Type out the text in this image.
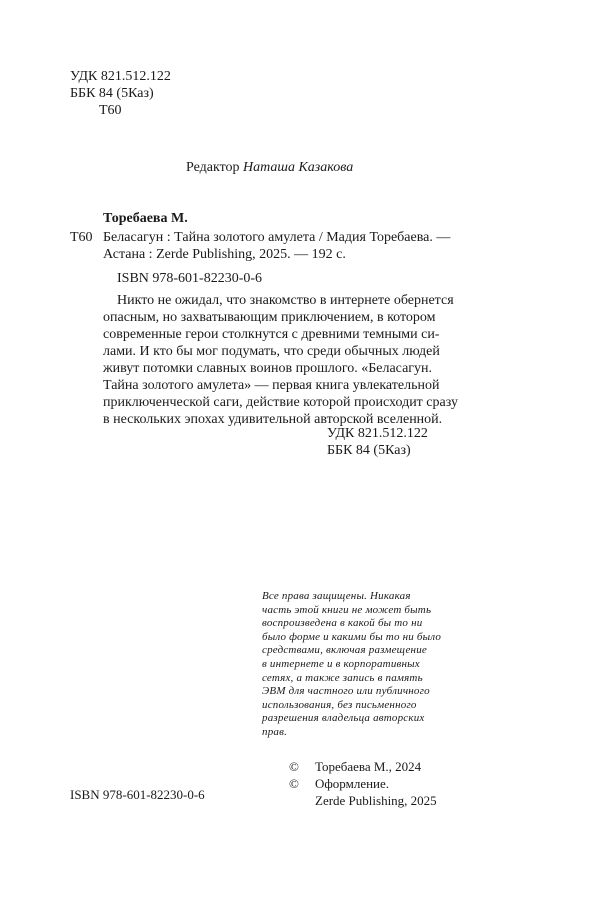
УДК 821.512.122
ББК 84 (5Каз)
Т60
Редактор Наташа Казакова
Торебаева М.
Т60 Беласагун : Тайна золотого амулета / Мадия Торебаева. —
Астана : Zerde Publishing, 2025. — 192 с.
ISBN 978-601-82230-0-6
Никто не ожидал, что знакомство в интернете обернется
опасным, но захватывающим приключением, в котором
современные герои столкнутся с древними темными си-
лами. И кто бы мог подумать, что среди обычных людей
живут потомки славных воинов прошлого. «Беласагун.
Тайна золотого амулета» — первая книга увлекательной
приключенческой саги, действие которой происходит сразу
в нескольких эпохах удивительной авторской вселенной.
УДК 821.512.122
ББК 84 (5Каз)
Все права защищены. Никакая
часть этой книги не может быть
воспроизведена в какой бы то ни
было форме и какими бы то ни было
средствами, включая размещение
в интернете и в корпоративных
сетях, а также запись в память
ЭВМ для частного или публичного
использования, без письменного
разрешения владельца авторских
прав.
© Торебаева М., 2024
© Оформление.
Zerde Publishing, 2025
ISBN 978-601-82230-0-6
